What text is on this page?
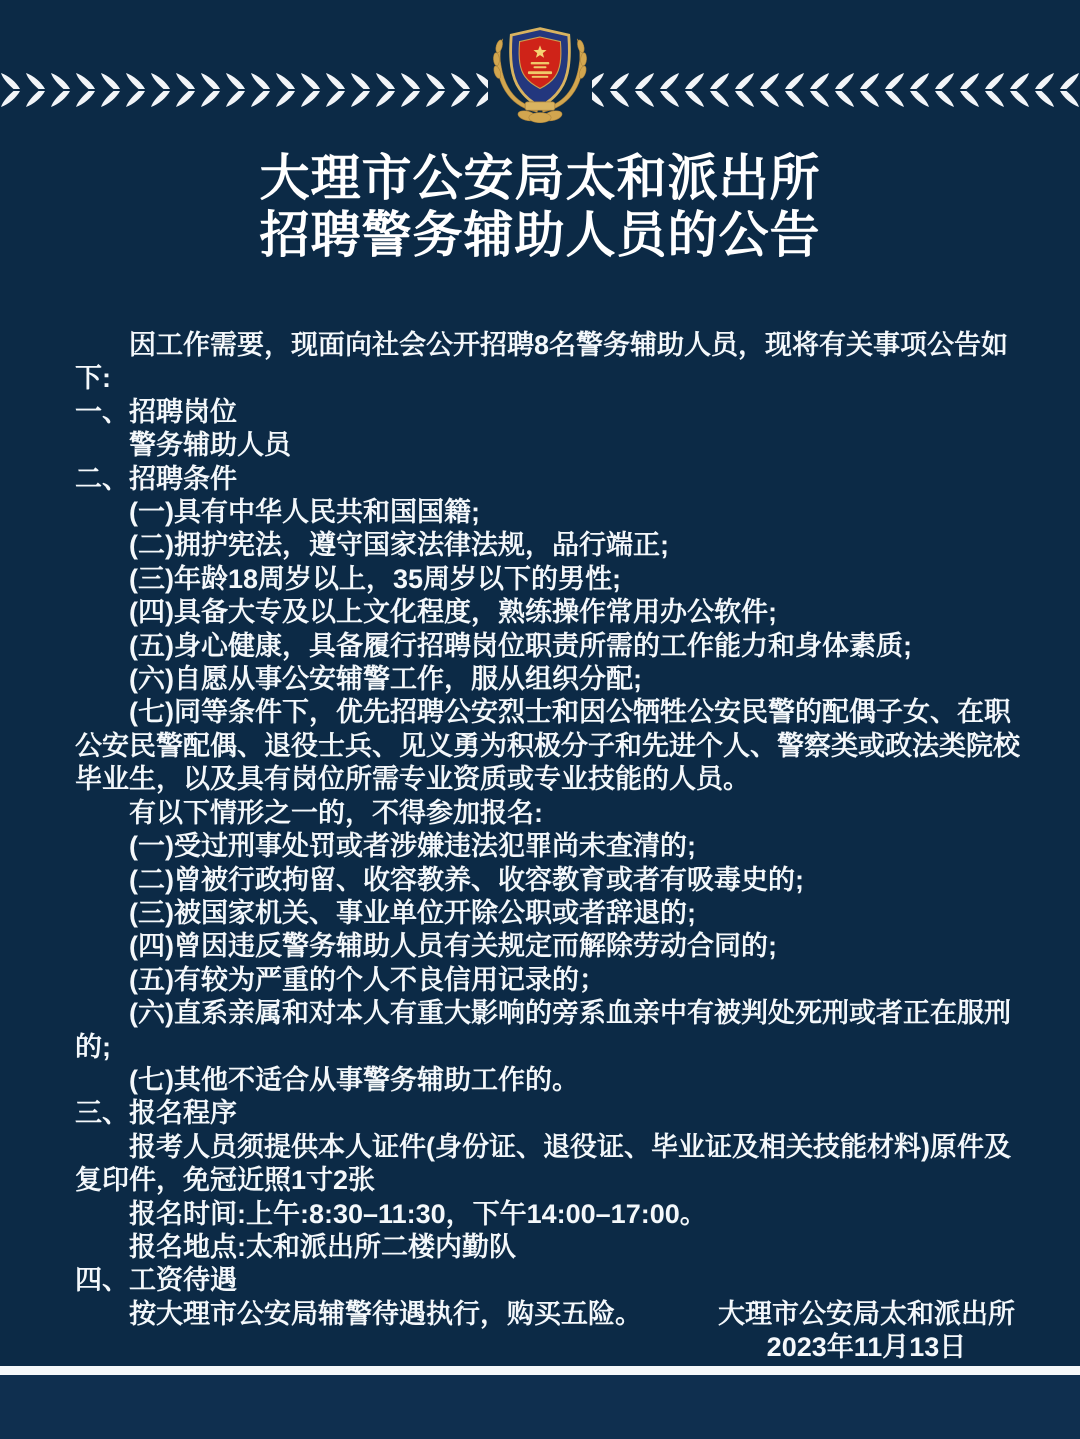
大理市公安局太和派出所
招聘警务辅助人员的公告

因工作需要，现面向社会公开招聘8名警务辅助人员，现将有关事项公告如下:

一、招聘岗位

警务辅助人员

二、招聘条件

(一)具有中华人民共和国国籍;

(二)拥护宪法，遵守国家法律法规，品行端正;

(三)年龄18周岁以上，35周岁以下的男性;

(四)具备大专及以上文化程度，熟练操作常用办公软件;

(五)身心健康，具备履行招聘岗位职责所需的工作能力和身体素质;

(六)自愿从事公安辅警工作，服从组织分配;

(七)同等条件下，优先招聘公安烈士和因公牺牲公安民警的配偶子女、在职公安民警配偶、退役士兵、见义勇为积极分子和先进个人、警察类或政法类院校毕业生，以及具有岗位所需专业资质或专业技能的人员。

有以下情形之一的，不得参加报名:

(一)受过刑事处罚或者涉嫌违法犯罪尚未查清的;

(二)曾被行政拘留、收容教养、收容教育或者有吸毒史的;

(三)被国家机关、事业单位开除公职或者辞退的;

(四)曾因违反警务辅助人员有关规定而解除劳动合同的;

(五)有较为严重的个人不良信用记录的；

(六)直系亲属和对本人有重大影响的旁系血亲中有被判处死刑或者正在服刑的;

(七)其他不适合从事警务辅助工作的。

三、报名程序

报考人员须提供本人证件(身份证、退役证、毕业证及相关技能材料)原件及复印件，免冠近照1寸2张

报名时间:上午:8:30–11:30，下午14:00–17:00。

报名地点:太和派出所二楼内勤队

四、工资待遇

按大理市公安局辅警待遇执行，购买五险。	大理市公安局太和派出所
2023年11月13日
